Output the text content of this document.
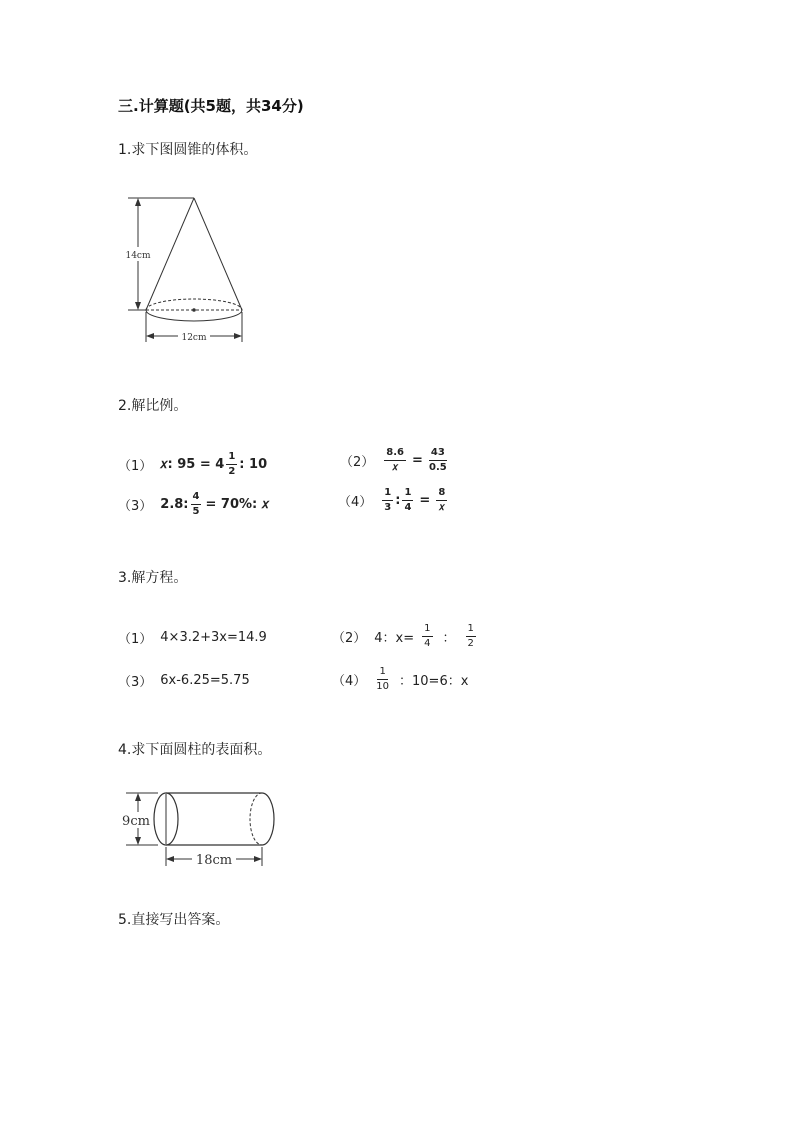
三.计算题(共5题，共34分)
1.求下图圆锥的体积。
14cm
12cm
2.解比例。
（1） 𝑥: $95 = 4 \frac{1}{2}$ : 10	$(2) \frac{8.6}{\text{𝑥}} = \frac{43}{0.5}$
（3） 2.8: $\frac{4}{5} = 70\%$: 𝑥	$(4) \frac{1}{3}$ : $\frac{1}{4} = \frac{8}{\text{𝑥}}$
3.解方程。
（1） 4×3.2+3x=14.9	（2） 4：$x= \frac{1}{4}$ ： $\frac{1}{2}$
（3） 6x-6.25=5.75	$(4) \frac{1}{10}$ ：10=6：x
4.求下面圆柱的表面积。
9cm
18cm
5.直接写出答案。
